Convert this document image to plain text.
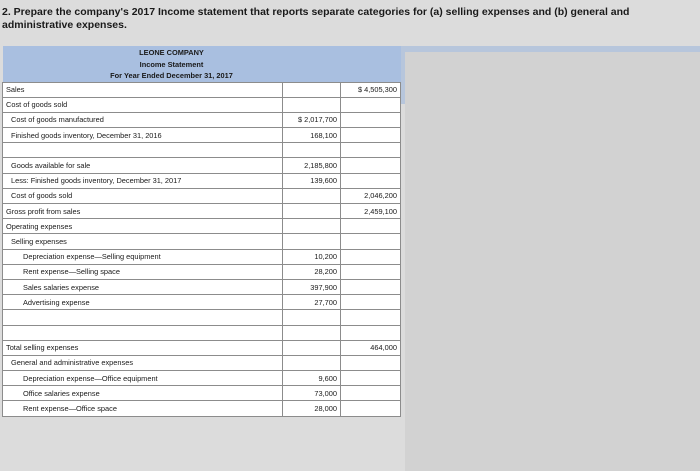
2. Prepare the company's 2017 Income statement that reports separate categories for (a) selling expenses and (b) general and administrative expenses.
LEONE COMPANY		
Income Statement		
For Year Ended December 31, 2017		
Sales		$ 4,505,300
Cost of goods sold		
Cost of goods manufactured	$ 2,017,700	
Finished goods inventory, December 31, 2016	168,100	

Goods available for sale	2,185,800	
Less: Finished goods inventory, December 31, 2017	139,600	
Cost of goods sold		2,046,200
Gross profit from sales		2,459,100
Operating expenses		
Selling expenses		
Depreciation expense—Selling equipment	10,200	
Rent expense—Selling space	28,200	
Sales salaries expense	397,900	
Advertising expense	27,700	

Total selling expenses		464,000
General and administrative expenses		
Depreciation expense—Office equipment	9,600	
Office salaries expense	73,000	
Rent expense—Office space	28,000	
